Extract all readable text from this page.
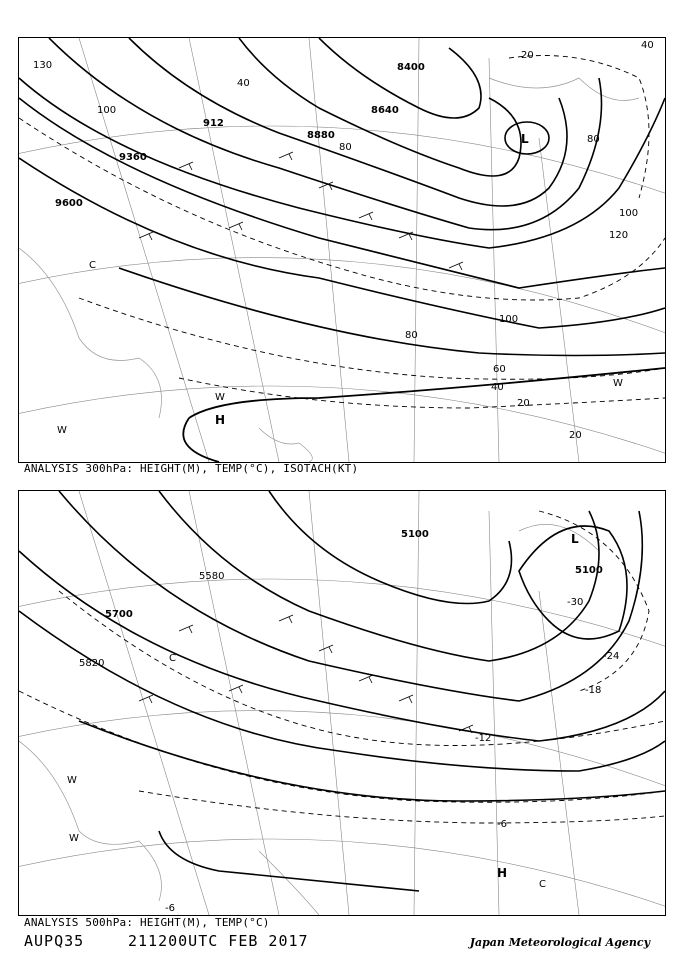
8400
8640
8880
912
9360
9600
20
40
40
80
100
130
80
100
120
100
80
60
40
20
20
L
H
C
W
W
W
ANALYSIS 300hPa: HEIGHT(M), TEMP(°C), ISOTACH(KT)
5100
5100
5580
5700
5820
-30
-24
-18
-12
-6
-6
L
H
C
C
W
W
ANALYSIS 500hPa: HEIGHT(M), TEMP(°C)
AUPQ35	211200UTC FEB 2017	Japan Meteorological Agency
